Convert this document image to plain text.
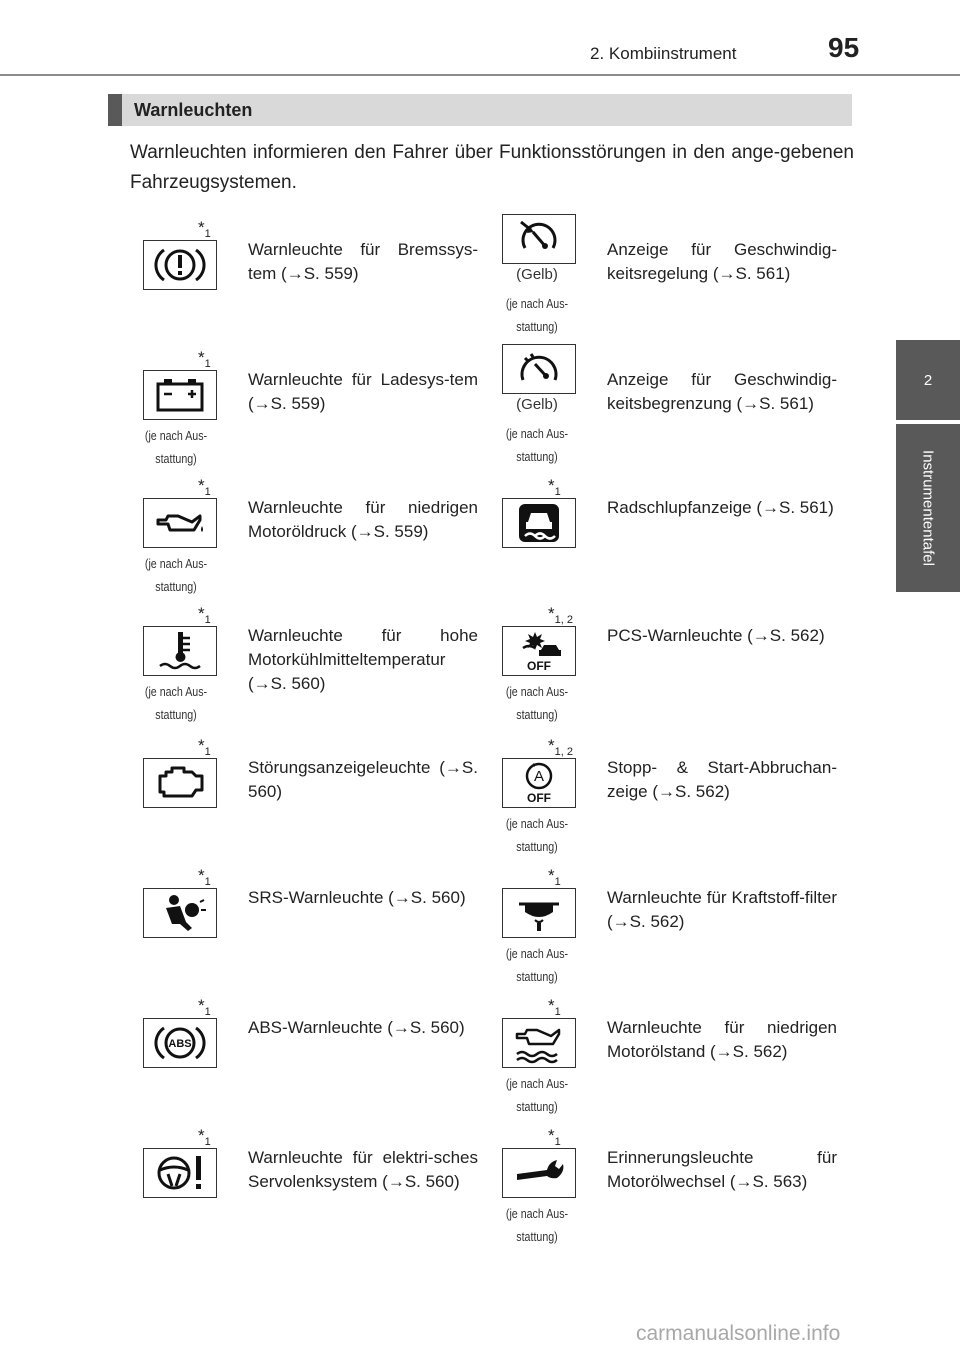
2. Kombiinstrument	95
2
Instrumententafel
Warnleuchten
Warnleuchten informieren den Fahrer über Funktionsstörungen in den ange-gebenen Fahrzeugsystemen.
$*_1$
Warnleuchte für Bremssys-tem (→S. 559)	(Gelb)
(je nach Aus-stattung)
Anzeige für Geschwindig-keitsregelung (→S. 561)
$*_1$
(je nach Aus-stattung)
Warnleuchte für Ladesys-tem (→S. 559)	(Gelb)
(je nach Aus-stattung)
Anzeige für Geschwindig-keitsbegrenzung (→S. 561)
$*_1$
(je nach Aus-stattung)
Warnleuchte für niedrigen Motoröldruck (→S. 559)
$*_1$
Radschlupfanzeige (→S. 561)
$*_1$
(je nach Aus-stattung)
Warnleuchte für hohe Motorkühlmitteltemperatur (→S. 560)
$*_{1, 2}$
OFF
(je nach Aus-stattung)
PCS-Warnleuchte (→S. 562)
$*_1$
Störungsanzeigeleuchte (→S. 560)
$*_{1, 2}$
A
OFF
(je nach Aus-stattung)
Stopp- & Start-Abbruchan-zeige (→S. 562)
$*_1$
SRS-Warnleuchte (→S. 560)
$*_1$
(je nach Aus-stattung)
Warnleuchte für Kraftstoff-filter (→S. 562)
$*_1$
ABS
ABS-Warnleuchte (→S. 560)
$*_1$
(je nach Aus-stattung)
Warnleuchte für niedrigen Motorölstand (→S. 562)
$*_1$
Warnleuchte für elektri-sches Servolenksystem (→S. 560)
$*_1$
(je nach Aus-stattung)
Erinnerungsleuchte für Motorölwechsel (→S. 563)
carmanualsonline.info
